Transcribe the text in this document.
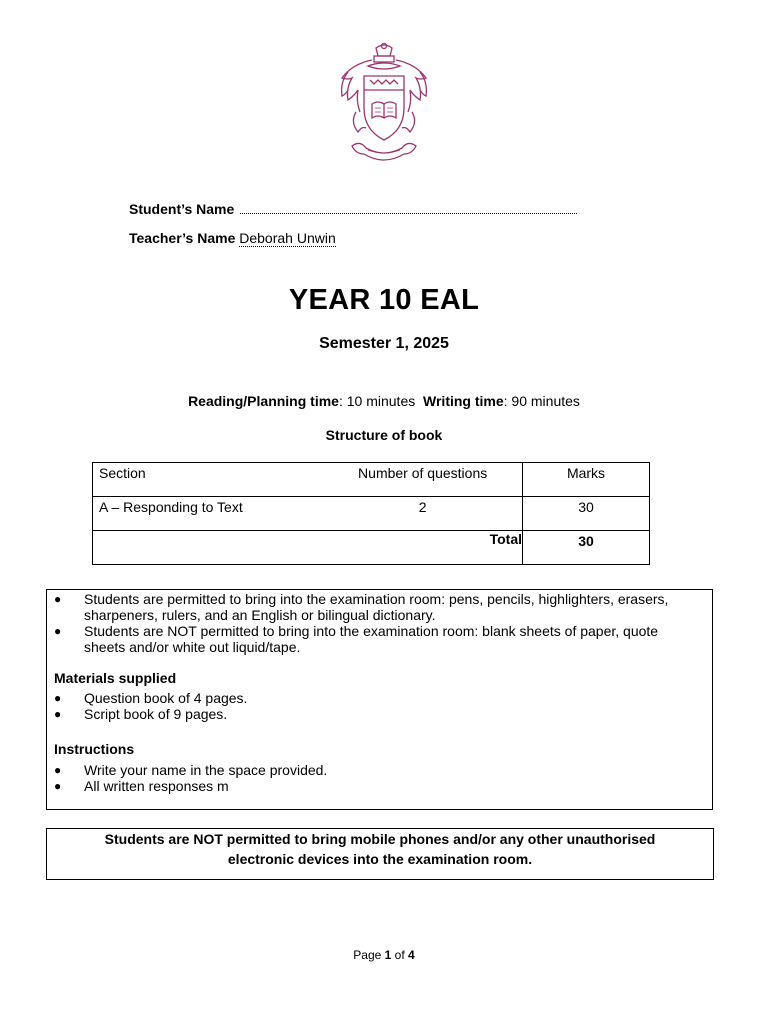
Student’s Name
Teacher’s Name Deborah Unwin
YEAR 10 EAL
Semester 1, 2025
Reading/Planning time: 10 minutes Writing time: 90 minutes
Structure of book
Section	Number of questions	Marks
A – Responding to Text	2	30
Total		30
● Students are permitted to bring into the examination room: pens, pencils, highlighters, erasers, sharpeners, rulers, and an English or bilingual dictionary.
● Students are NOT permitted to bring into the examination room: blank sheets of paper, quote sheets and/or white out liquid/tape.
Materials supplied
● Question book of 4 pages.
● Script book of 9 pages.
Instructions
● Write your name in the space provided.
● All written responses m
Students are NOT permitted to bring mobile phones and/or any other unauthorised
electronic devices into the examination room.
Page 1 of 4
